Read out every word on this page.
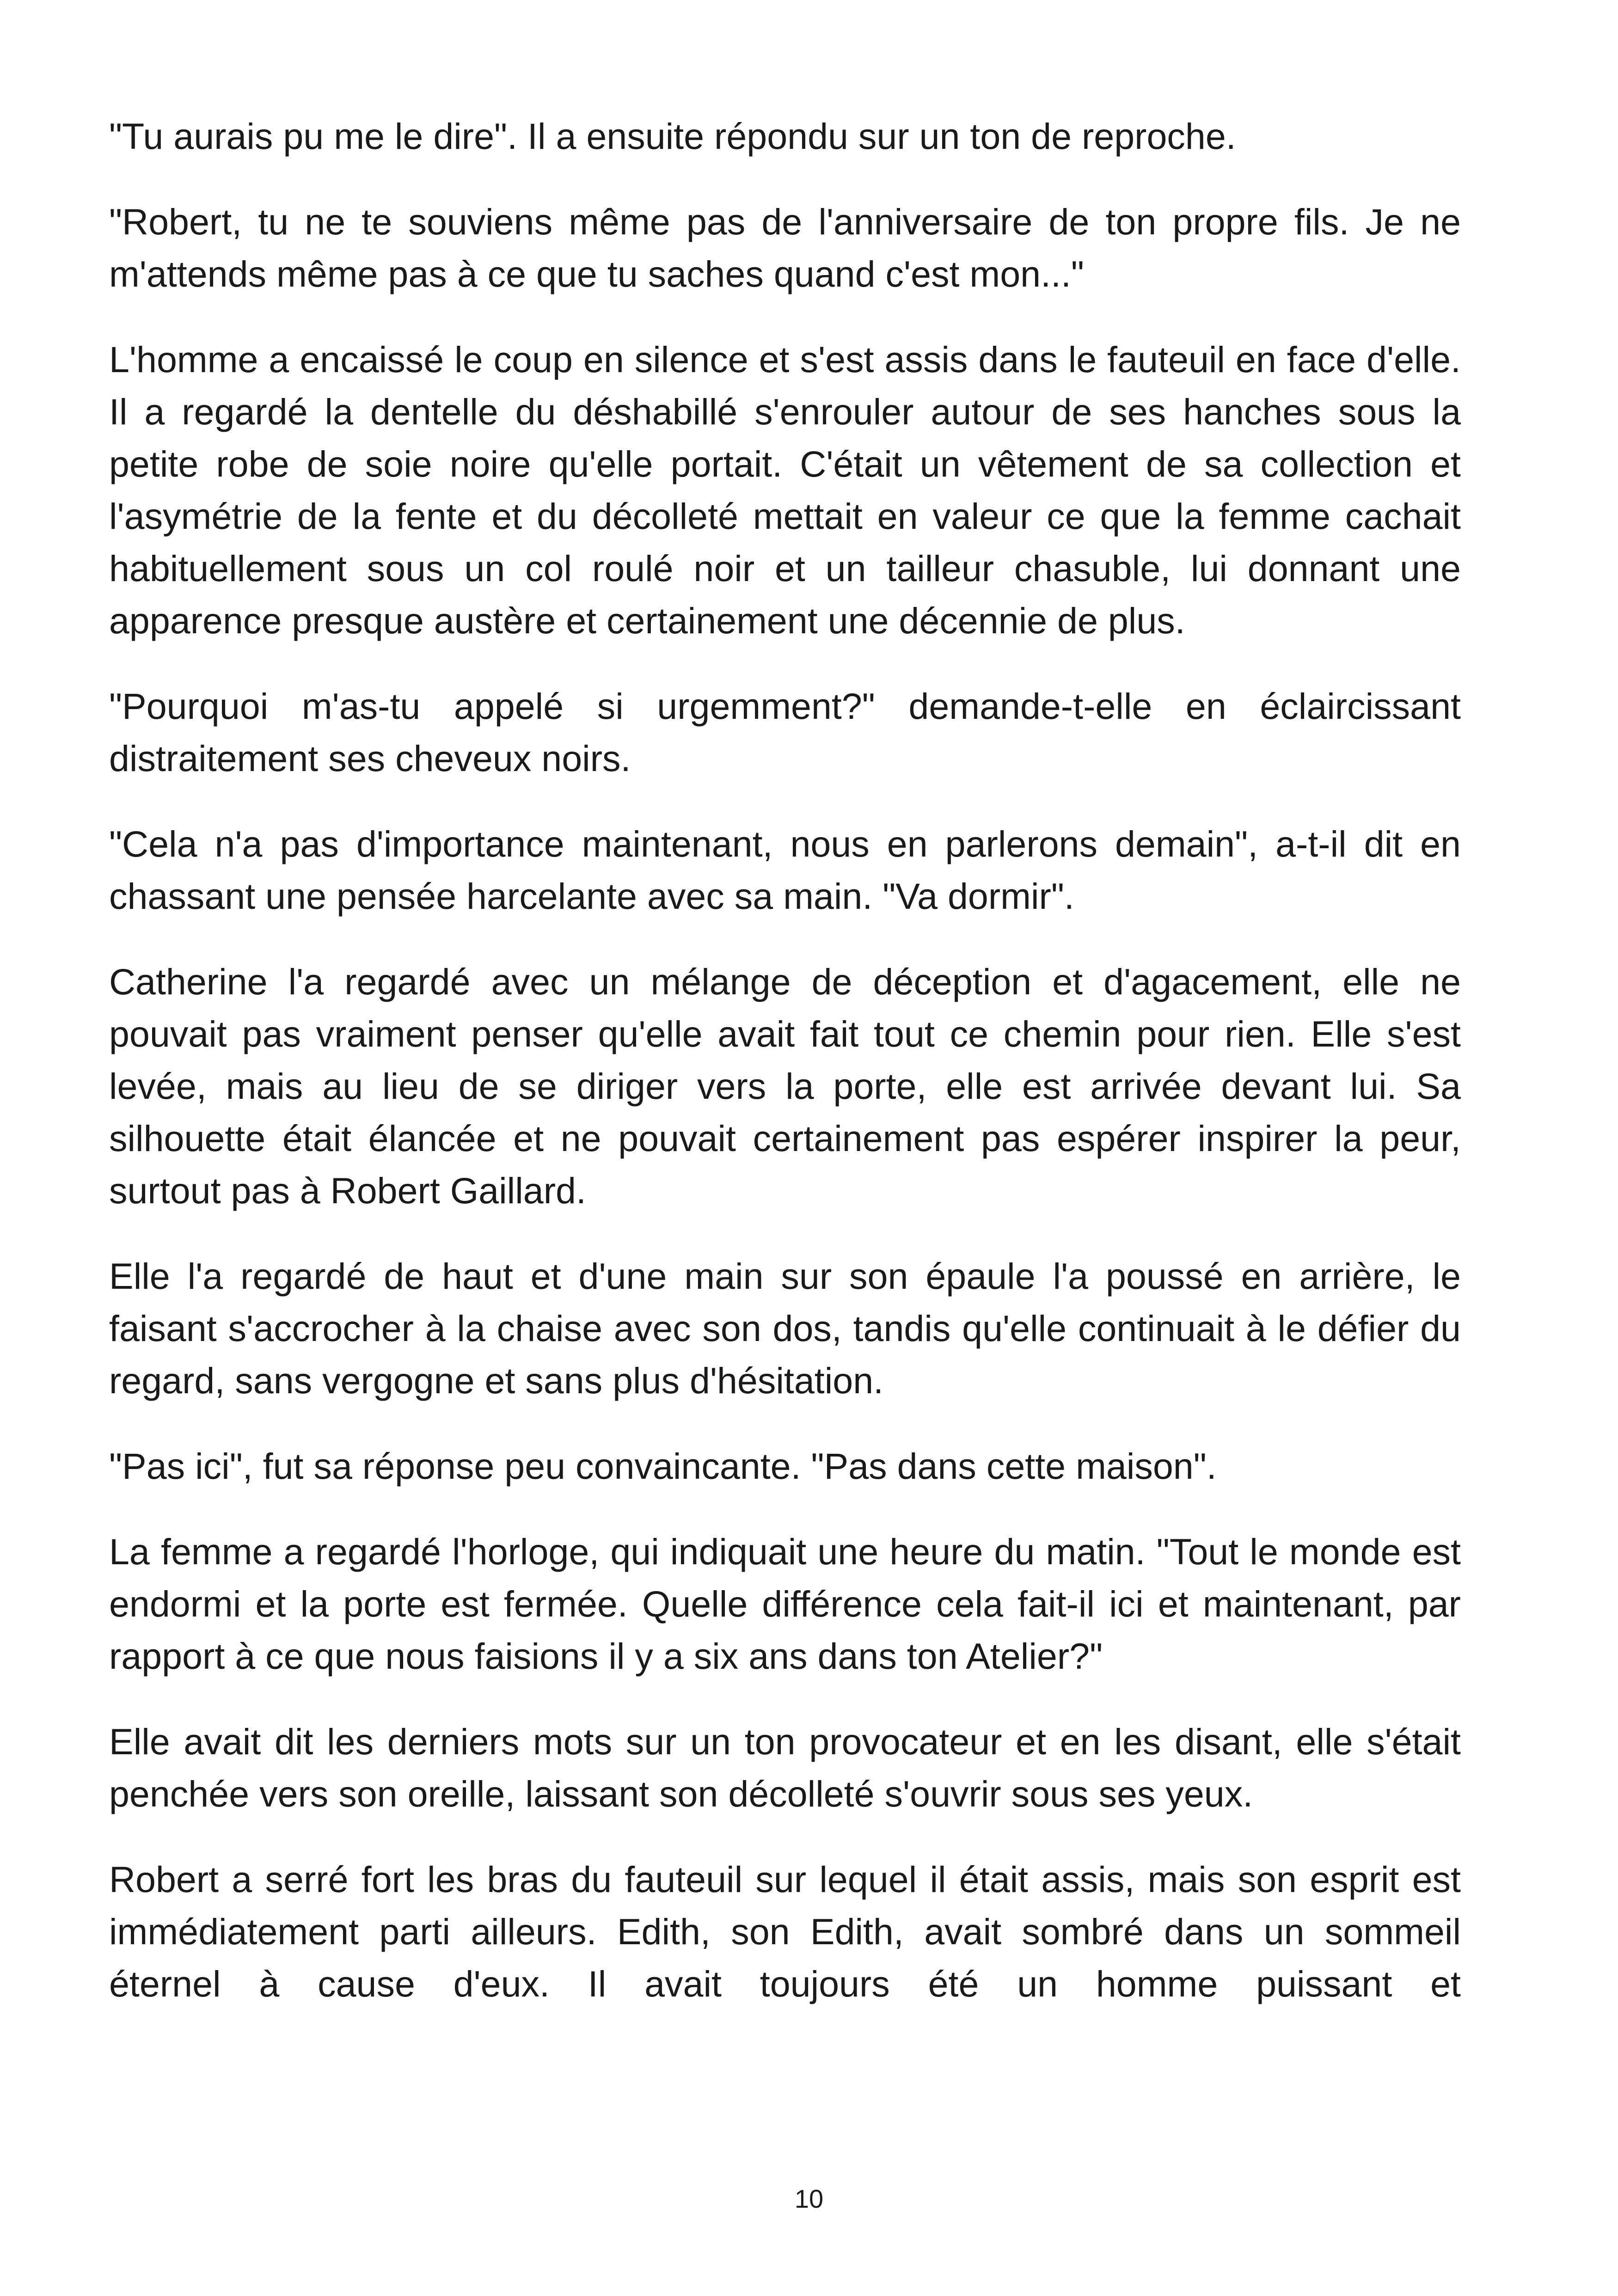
"Tu aurais pu me le dire". Il a ensuite répondu sur un ton de reproche.

"Robert, tu ne te souviens même pas de l'anniversaire de ton propre fils. Je ne m'attends même pas à ce que tu saches quand c'est mon..."

L'homme a encaissé le coup en silence et s'est assis dans le fauteuil en face d'elle. Il a regardé la dentelle du déshabillé s'enrouler autour de ses hanches sous la petite robe de soie noire qu'elle portait. C'était un vêtement de sa collection et l'asymétrie de la fente et du décolleté mettait en valeur ce que la femme cachait habituellement sous un col roulé noir et un tailleur chasuble, lui donnant une apparence presque austère et certainement une décennie de plus.

"Pourquoi m'as-tu appelé si urgemment?" demande-t-elle en éclaircissant distraitement ses cheveux noirs.

"Cela n'a pas d'importance maintenant, nous en parlerons demain", a-t-il dit en chassant une pensée harcelante avec sa main. "Va dormir".

Catherine l'a regardé avec un mélange de déception et d'agacement, elle ne pouvait pas vraiment penser qu'elle avait fait tout ce chemin pour rien. Elle s'est levée, mais au lieu de se diriger vers la porte, elle est arrivée devant lui. Sa silhouette était élancée et ne pouvait certainement pas espérer inspirer la peur, surtout pas à Robert Gaillard.

Elle l'a regardé de haut et d'une main sur son épaule l'a poussé en arrière, le faisant s'accrocher à la chaise avec son dos, tandis qu'elle continuait à le défier du regard, sans vergogne et sans plus d'hésitation.

"Pas ici", fut sa réponse peu convaincante. "Pas dans cette maison".

La femme a regardé l'horloge, qui indiquait une heure du matin. "Tout le monde est endormi et la porte est fermée. Quelle différence cela fait-il ici et maintenant, par rapport à ce que nous faisions il y a six ans dans ton Atelier?"

Elle avait dit les derniers mots sur un ton provocateur et en les disant, elle s'était penchée vers son oreille, laissant son décolleté s'ouvrir sous ses yeux.

Robert a serré fort les bras du fauteuil sur lequel il était assis, mais son esprit est immédiatement parti ailleurs. Edith, son Edith, avait sombré dans un sommeil éternel à cause d'eux. Il avait toujours été un homme puissant et

10
